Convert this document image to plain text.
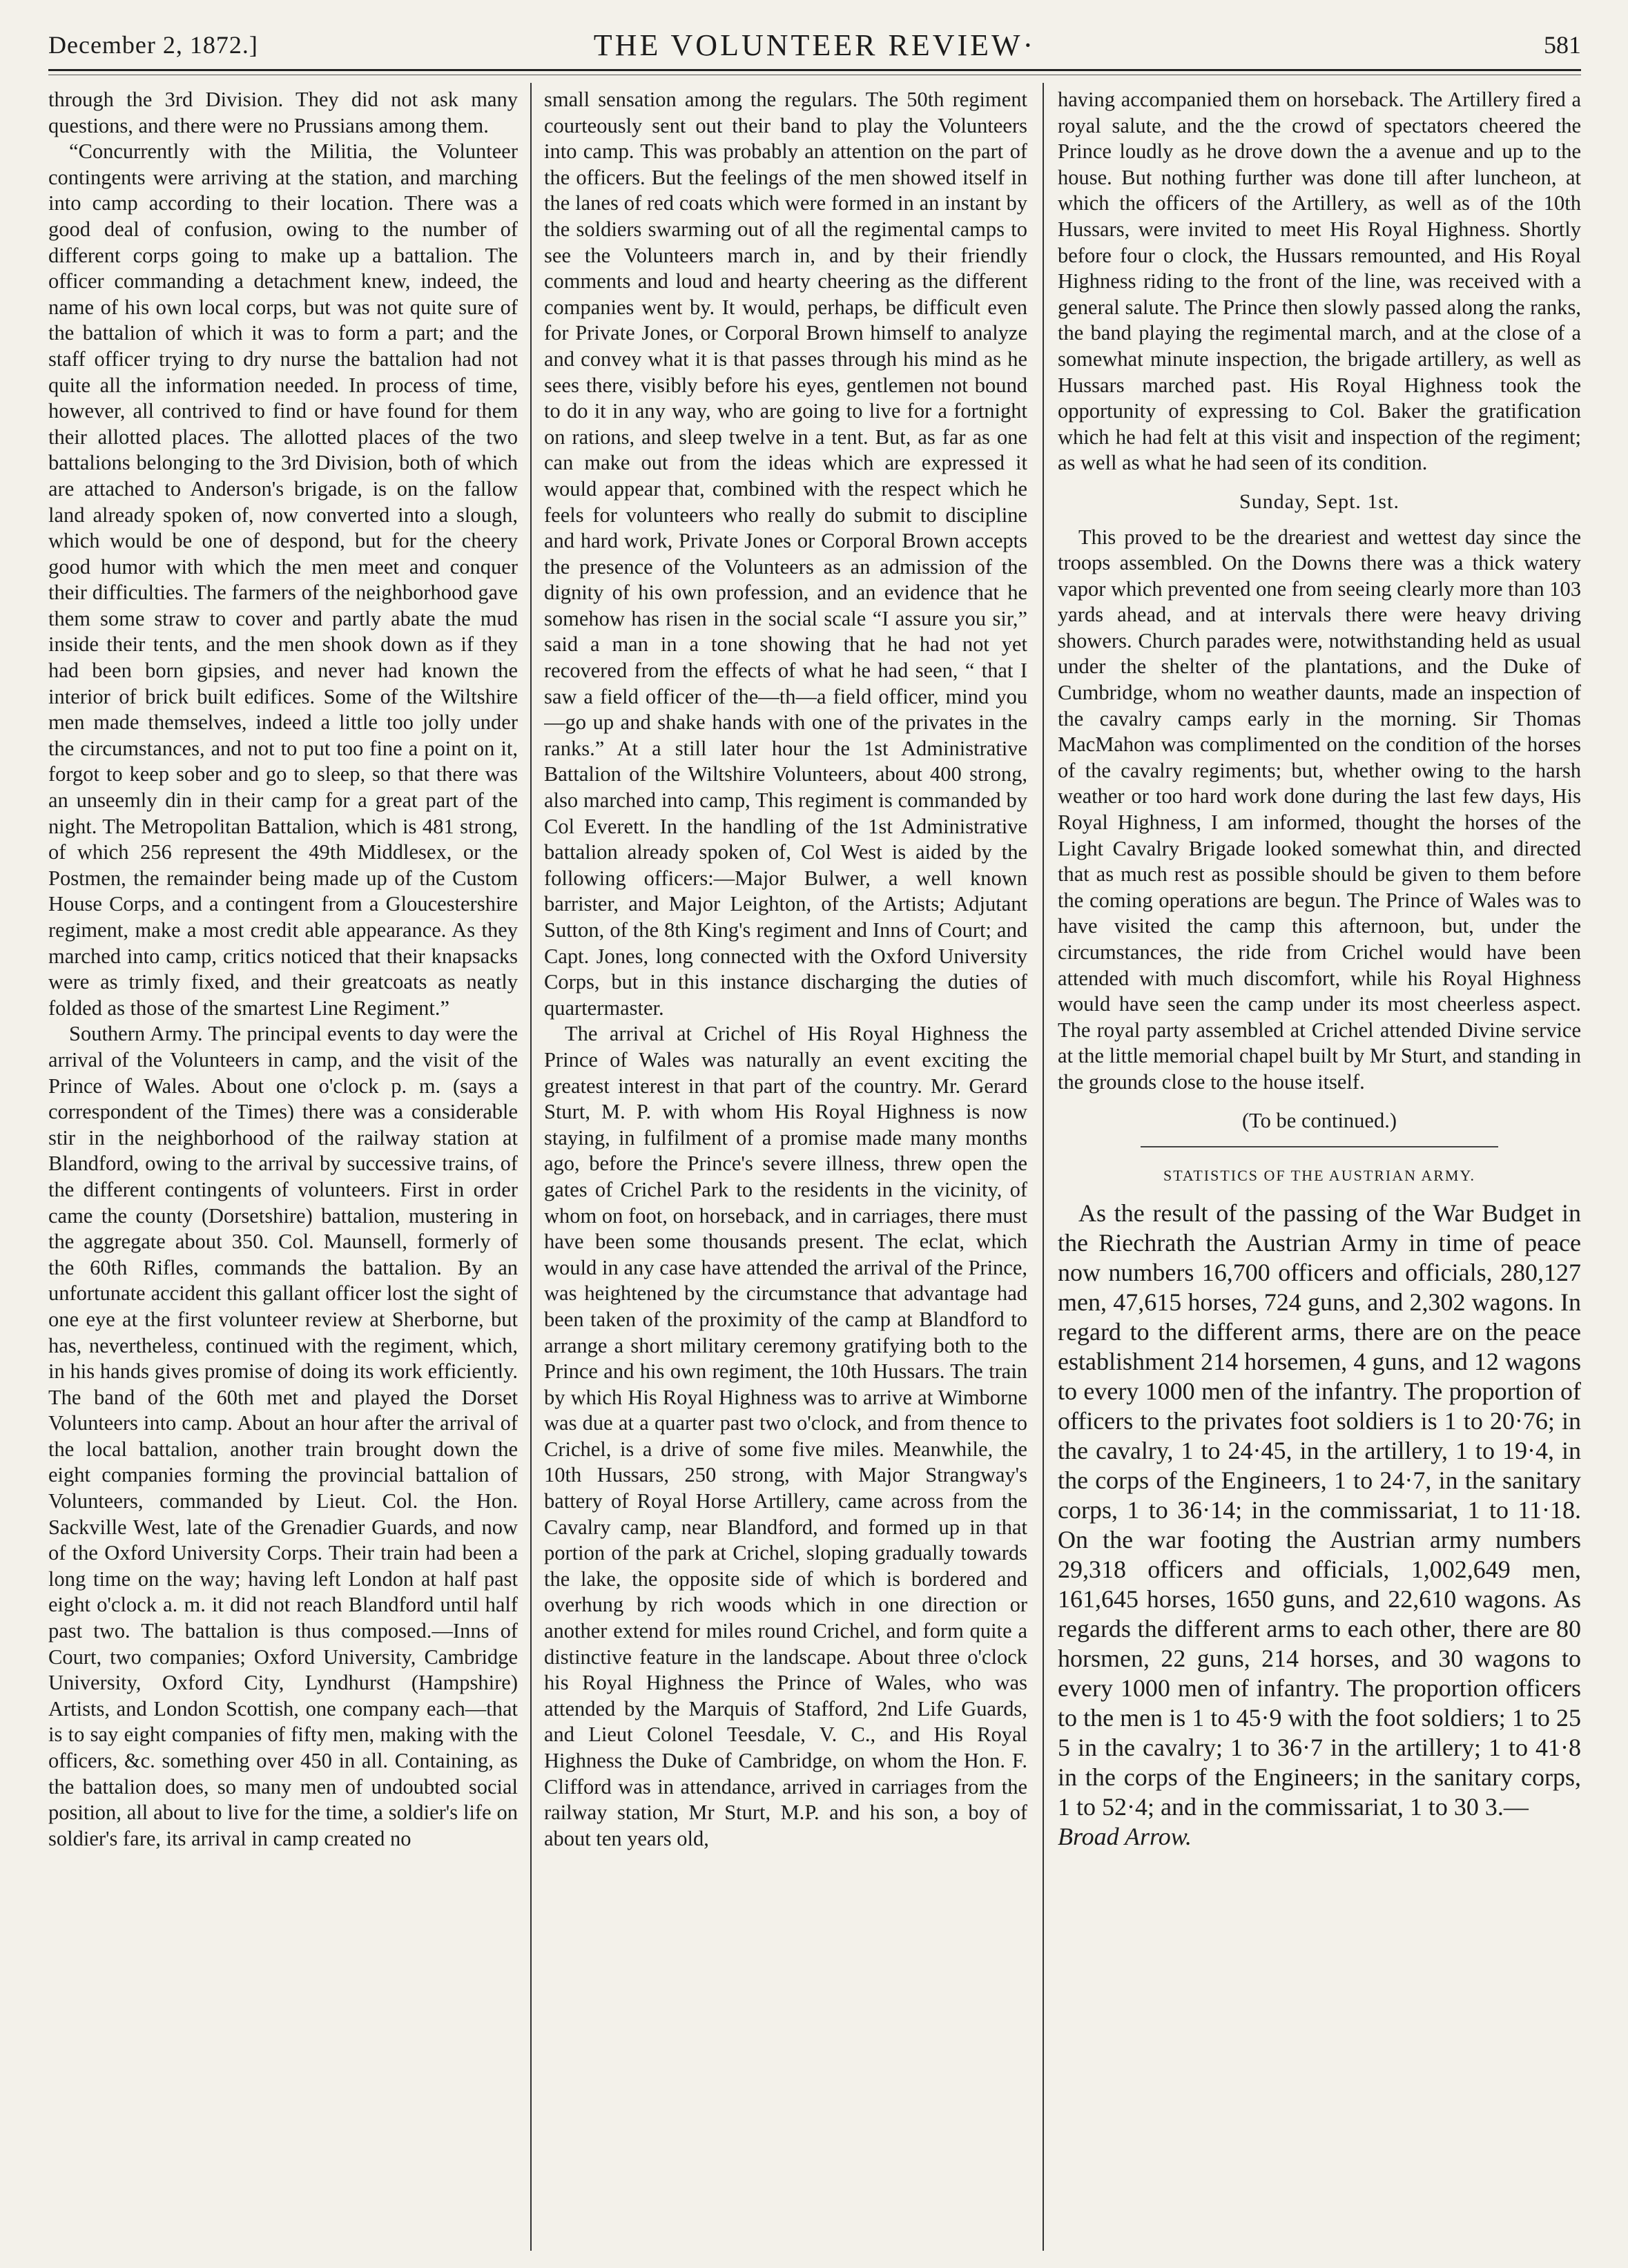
December 2, 1872.]	THE VOLUNTEER REVIEW·	581

through the 3rd Division. They did not ask many questions, and there were no Prussians among them.

“Concurrently with the Militia, the Volunteer contingents were arriving at the station, and marching into camp according to their location. There was a good deal of confusion, owing to the number of different corps going to make up a battalion. The officer commanding a detachment knew, indeed, the name of his own local corps, but was not quite sure of the battalion of which it was to form a part; and the staff officer trying to dry nurse the battalion had not quite all the information needed. In process of time, however, all contrived to find or have found for them their allotted places. The allotted places of the two battalions belonging to the 3rd Division, both of which are attached to Anderson's brigade, is on the fallow land already spoken of, now converted into a slough, which would be one of despond, but for the cheery good humor with which the men meet and conquer their difficulties. The farmers of the neighborhood gave them some straw to cover and partly abate the mud inside their tents, and the men shook down as if they had been born gipsies, and never had known the interior of brick built edifices. Some of the Wiltshire men made themselves, indeed a little too jolly under the circumstances, and not to put too fine a point on it, forgot to keep sober and go to sleep, so that there was an unseemly din in their camp for a great part of the night. The Metropolitan Battalion, which is 481 strong, of which 256 represent the 49th Middlesex, or the Postmen, the remainder being made up of the Custom House Corps, and a contingent from a Gloucestershire regiment, make a most credit able appearance. As they marched into camp, critics noticed that their knapsacks were as trimly fixed, and their greatcoats as neatly folded as those of the smartest Line Regiment.”

Southern Army. The principal events to day were the arrival of the Volunteers in camp, and the visit of the Prince of Wales. About one o'clock p. m. (says a correspondent of the Times) there was a considerable stir in the neighborhood of the railway station at Blandford, owing to the arrival by successive trains, of the different contingents of volunteers. First in order came the county (Dorsetshire) battalion, mustering in the aggregate about 350. Col. Maunsell, formerly of the 60th Rifles, commands the battalion. By an unfortunate accident this gallant officer lost the sight of one eye at the first volunteer review at Sherborne, but has, nevertheless, continued with the regiment, which, in his hands gives promise of doing its work efficiently. The band of the 60th met and played the Dorset Volunteers into camp. About an hour after the arrival of the local battalion, another train brought down the eight companies forming the provincial battalion of Volunteers, commanded by Lieut. Col. the Hon. Sackville West, late of the Grenadier Guards, and now of the Oxford University Corps. Their train had been a long time on the way; having left London at half past eight o'clock a. m. it did not reach Blandford until half past two. The battalion is thus composed.—Inns of Court, two companies; Oxford University, Cambridge University, Oxford City, Lyndhurst (Hampshire) Artists, and London Scottish, one company each—that is to say eight companies of fifty men, making with the officers, &c. something over 450 in all. Containing, as the battalion does, so many men of undoubted social position, all about to live for the time, a soldier's life on soldier's fare, its arrival in camp created no

small sensation among the regulars. The 50th regiment courteously sent out their band to play the Volunteers into camp. This was probably an attention on the part of the officers. But the feelings of the men showed itself in the lanes of red coats which were formed in an instant by the soldiers swarming out of all the regimental camps to see the Volunteers march in, and by their friendly comments and loud and hearty cheering as the different companies went by. It would, perhaps, be difficult even for Private Jones, or Corporal Brown himself to analyze and convey what it is that passes through his mind as he sees there, visibly before his eyes, gentlemen not bound to do it in any way, who are going to live for a fortnight on rations, and sleep twelve in a tent. But, as far as one can make out from the ideas which are expressed it would appear that, combined with the respect which he feels for volunteers who really do submit to discipline and hard work, Private Jones or Corporal Brown accepts the presence of the Volunteers as an admission of the dignity of his own profession, and an evidence that he somehow has risen in the social scale “I assure you sir,” said a man in a tone showing that he had not yet recovered from the effects of what he had seen, “ that I saw a field officer of the—th—a field officer, mind you—go up and shake hands with one of the privates in the ranks.” At a still later hour the 1st Administrative Battalion of the Wiltshire Volunteers, about 400 strong, also marched into camp, This regiment is commanded by Col Everett. In the handling of the 1st Administrative battalion already spoken of, Col West is aided by the following officers:—Major Bulwer, a well known barrister, and Major Leighton, of the Artists; Adjutant Sutton, of the 8th King's regiment and Inns of Court; and Capt. Jones, long connected with the Oxford University Corps, but in this instance discharging the duties of quartermaster.

The arrival at Crichel of His Royal Highness the Prince of Wales was naturally an event exciting the greatest interest in that part of the country. Mr. Gerard Sturt, M. P. with whom His Royal Highness is now staying, in fulfilment of a promise made many months ago, before the Prince's severe illness, threw open the gates of Crichel Park to the residents in the vicinity, of whom on foot, on horseback, and in carriages, there must have been some thousands present. The eclat, which would in any case have attended the arrival of the Prince, was heightened by the circumstance that advantage had been taken of the proximity of the camp at Blandford to arrange a short military ceremony gratifying both to the Prince and his own regiment, the 10th Hussars. The train by which His Royal Highness was to arrive at Wimborne was due at a quarter past two o'clock, and from thence to Crichel, is a drive of some five miles. Meanwhile, the 10th Hussars, 250 strong, with Major Strangway's battery of Royal Horse Artillery, came across from the Cavalry camp, near Blandford, and formed up in that portion of the park at Crichel, sloping gradually towards the lake, the opposite side of which is bordered and overhung by rich woods which in one direction or another extend for miles round Crichel, and form quite a distinctive feature in the landscape. About three o'clock his Royal Highness the Prince of Wales, who was attended by the Marquis of Stafford, 2nd Life Guards, and Lieut Colonel Teesdale, V. C., and His Royal Highness the Duke of Cambridge, on whom the Hon. F. Clifford was in attendance, arrived in carriages from the railway station, Mr Sturt, M.P. and his son, a boy of about ten years old,

having accompanied them on horseback. The Artillery fired a royal salute, and the the crowd of spectators cheered the Prince loudly as he drove down the a avenue and up to the house. But nothing further was done till after luncheon, at which the officers of the Artillery, as well as of the 10th Hussars, were invited to meet His Royal Highness. Shortly before four o clock, the Hussars remounted, and His Royal Highness riding to the front of the line, was received with a general salute. The Prince then slowly passed along the ranks, the band playing the regimental march, and at the close of a somewhat minute inspection, the brigade artillery, as well as Hussars marched past. His Royal Highness took the opportunity of expressing to Col. Baker the gratification which he had felt at this visit and inspection of the regiment; as well as what he had seen of its condition.

Sunday, Sept. 1st.

This proved to be the dreariest and wettest day since the troops assembled. On the Downs there was a thick watery vapor which prevented one from seeing clearly more than 103 yards ahead, and at intervals there were heavy driving showers. Church parades were, notwithstanding held as usual under the shelter of the plantations, and the Duke of Cumbridge, whom no weather daunts, made an inspection of the cavalry camps early in the morning. Sir Thomas MacMahon was complimented on the condition of the horses of the cavalry regiments; but, whether owing to the harsh weather or too hard work done during the last few days, His Royal Highness, I am informed, thought the horses of the Light Cavalry Brigade looked somewhat thin, and directed that as much rest as possible should be given to them before the coming operations are begun. The Prince of Wales was to have visited the camp this afternoon, but, under the circumstances, the ride from Crichel would have been attended with much discomfort, while his Royal Highness would have seen the camp under its most cheerless aspect. The royal party assembled at Crichel attended Divine service at the little memorial chapel built by Mr Sturt, and standing in the grounds close to the house itself.

(To be continued.)
STATISTICS OF THE AUSTRIAN ARMY.

As the result of the passing of the War Budget in the Riechrath the Austrian Army in time of peace now numbers 16,700 officers and officials, 280,127 men, 47,615 horses, 724 guns, and 2,302 wagons. In regard to the different arms, there are on the peace establishment 214 horsemen, 4 guns, and 12 wagons to every 1000 men of the infantry. The proportion of officers to the privates foot soldiers is 1 to 20·76; in the cavalry, 1 to 24·45, in the artillery, 1 to 19·4, in the corps of the Engineers, 1 to 24·7, in the sanitary corps, 1 to 36·14; in the commissariat, 1 to 11·18. On the war footing the Austrian army numbers 29,318 officers and officials, 1,002,649 men, 161,645 horses, 1650 guns, and 22,610 wagons. As regards the different arms to each other, there are 80 horsmen, 22 guns, 214 horses, and 30 wagons to every 1000 men of infantry. The proportion officers to the men is 1 to 45·9 with the foot soldiers; 1 to 25 5 in the cavalry; 1 to 36·7 in the artillery; 1 to 41·8 in the corps of the Engineers; in the sanitary corps, 1 to 52·4; and in the commissariat, 1 to 30 3.—

Broad Arrow.
